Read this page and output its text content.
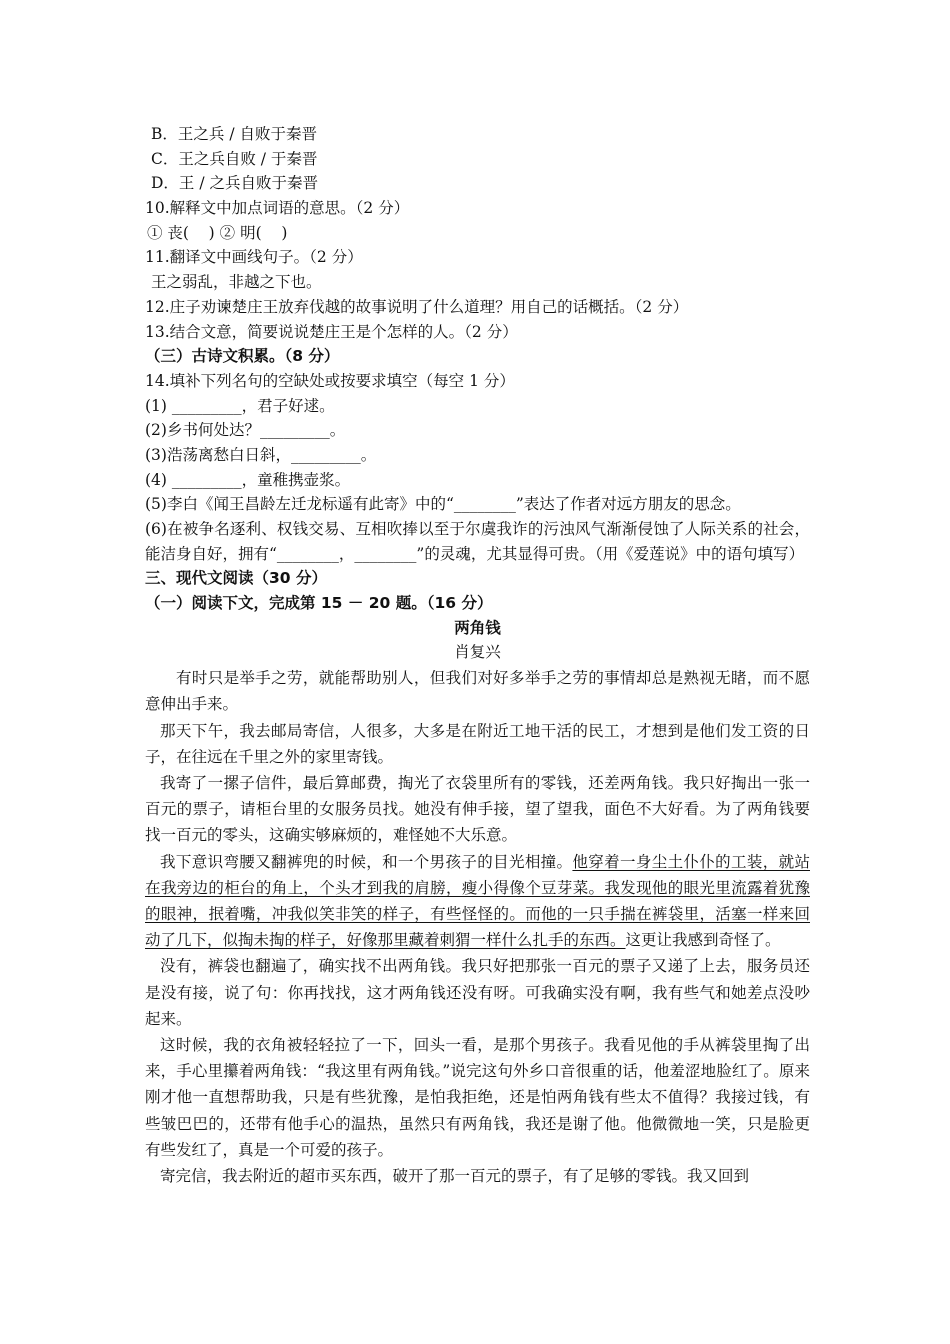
B．王之兵 / 自败于秦晋
C．王之兵自败 / 于秦晋
D．王 / 之兵自败于秦晋
10.解释文中加点词语的意思。（2 分）
① 丧(    ) ② 明(    )
11.翻译文中画线句子。（2 分）
王之弱乱，非越之下也。
12.庄子劝谏楚庄王放弃伐越的故事说明了什么道理？用自己的话概括。（2 分）
13.结合文意，简要说说楚庄王是个怎样的人。（2 分）
（三）古诗文积累。（8 分）
14.填补下列名句的空缺处或按要求填空（每空 1 分）
(1) _________，君子好逑。
(2)乡书何处达？_________。
(3)浩荡离愁白日斜，_________。
(4) _________，童稚携壶浆。
(5)李白《闻王昌龄左迁龙标遥有此寄》中的“________”表达了作者对远方朋友的思念。
(6)在被争名逐利、权钱交易、互相吹捧以至于尔虞我诈的污浊风气渐渐侵蚀了人际关系的社会，能洁身自好，拥有“________，________”的灵魂，尤其显得可贵。（用《爱莲说》中的语句填写）
三、现代文阅读（30 分）
（一）阅读下文，完成第 15 － 20 题。（16 分）
两角钱
肖复兴
有时只是举手之劳，就能帮助别人，但我们对好多举手之劳的事情却总是熟视无睹，而不愿意伸出手来。
那天下午，我去邮局寄信，人很多，大多是在附近工地干活的民工，才想到是他们发工资的日子，在往远在千里之外的家里寄钱。
我寄了一摞子信件，最后算邮费，掏光了衣袋里所有的零钱，还差两角钱。我只好掏出一张一百元的票子，请柜台里的女服务员找。她没有伸手接，望了望我，面色不大好看。为了两角钱要找一百元的零头，这确实够麻烦的，难怪她不大乐意。
我下意识弯腰又翻裤兜的时候，和一个男孩子的目光相撞。他穿着一身尘土仆仆的工装，就站在我旁边的柜台的角上，个头才到我的肩膀，瘦小得像个豆芽菜。我发现他的眼光里流露着犹豫的眼神，抿着嘴，冲我似笑非笑的样子，有些怪怪的。而他的一只手揣在裤袋里，活塞一样来回动了几下，似掏未掏的样子，好像那里藏着刺猬一样什么扎手的东西。这更让我感到奇怪了。
没有，裤袋也翻遍了，确实找不出两角钱。我只好把那张一百元的票子又递了上去，服务员还是没有接，说了句：你再找找，这才两角钱还没有呀。可我确实没有啊，我有些气和她差点没吵起来。
这时候，我的衣角被轻轻拉了一下，回头一看，是那个男孩子。我看见他的手从裤袋里掏了出来，手心里攥着两角钱：“我这里有两角钱。”说完这句外乡口音很重的话，他羞涩地脸红了。原来刚才他一直想帮助我，只是有些犹豫，是怕我拒绝，还是怕两角钱有些太不值得？我接过钱，有些皱巴巴的，还带有他手心的温热，虽然只有两角钱，我还是谢了他。他微微地一笑，只是脸更有些发红了，真是一个可爱的孩子。
寄完信，我去附近的超市买东西，破开了那一百元的票子，有了足够的零钱。我又回到
